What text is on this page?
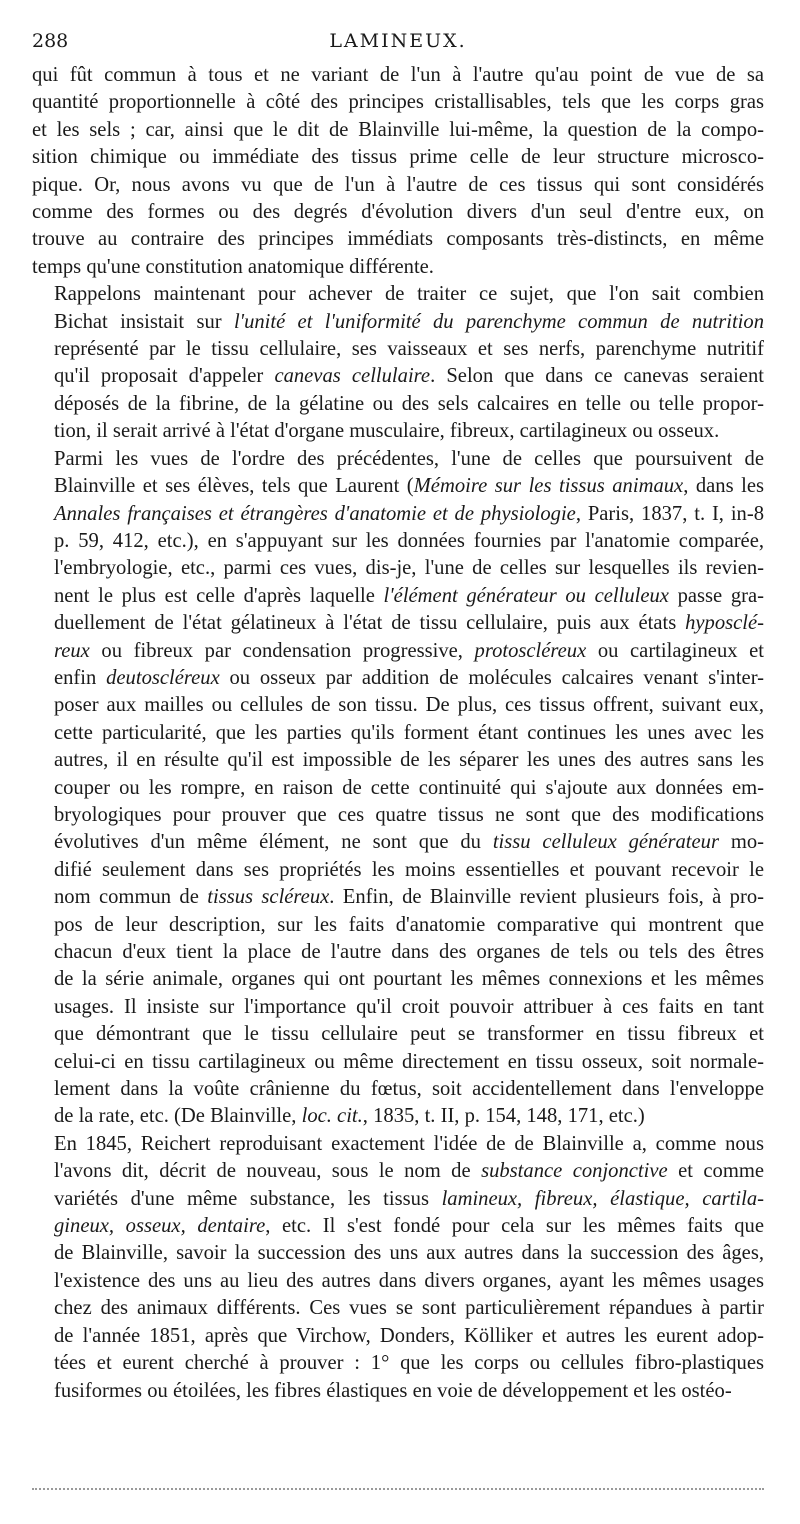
288	LAMINEUX.

qui fût commun à tous et ne variant de l'un à l'autre qu'au point de vue de sa
quantité proportionnelle à côté des principes cristallisables, tels que les corps gras
et les sels ; car, ainsi que le dit de Blainville lui-même, la question de la compo-
sition chimique ou immédiate des tissus prime celle de leur structure microsco-
pique. Or, nous avons vu que de l'un à l'autre de ces tissus qui sont considérés
comme des formes ou des degrés d'évolution divers d'un seul d'entre eux, on
trouve au contraire des principes immédiats composants très-distincts, en même
temps qu'une constitution anatomique différente.

Rappelons maintenant pour achever de traiter ce sujet, que l'on sait combien
Bichat insistait sur l'unité et l'uniformité du parenchyme commun de nutrition
représenté par le tissu cellulaire, ses vaisseaux et ses nerfs, parenchyme nutritif
qu'il proposait d'appeler canevas cellulaire. Selon que dans ce canevas seraient
déposés de la fibrine, de la gélatine ou des sels calcaires en telle ou telle propor-
tion, il serait arrivé à l'état d'organe musculaire, fibreux, cartilagineux ou osseux.

Parmi les vues de l'ordre des précédentes, l'une de celles que poursuivent de
Blainville et ses élèves, tels que Laurent (Mémoire sur les tissus animaux, dans les
Annales françaises et étrangères d'anatomie et de physiologie, Paris, 1837, t. I, in-8
p. 59, 412, etc.), en s'appuyant sur les données fournies par l'anatomie comparée,
l'embryologie, etc., parmi ces vues, dis-je, l'une de celles sur lesquelles ils revien-
nent le plus est celle d'après laquelle l'élément générateur ou celluleux passe gra-
duellement de l'état gélatineux à l'état de tissu cellulaire, puis aux états hyposclé-
reux ou fibreux par condensation progressive, protoscléreux ou cartilagineux et
enfin deutoscléreux ou osseux par addition de molécules calcaires venant s'inter-
poser aux mailles ou cellules de son tissu. De plus, ces tissus offrent, suivant eux,
cette particularité, que les parties qu'ils forment étant continues les unes avec les
autres, il en résulte qu'il est impossible de les séparer les unes des autres sans les
couper ou les rompre, en raison de cette continuité qui s'ajoute aux données em-
bryologiques pour prouver que ces quatre tissus ne sont que des modifications
évolutives d'un même élément, ne sont que du tissu celluleux générateur mo-
difié seulement dans ses propriétés les moins essentielles et pouvant recevoir le
nom commun de tissus scléreux. Enfin, de Blainville revient plusieurs fois, à pro-
pos de leur description, sur les faits d'anatomie comparative qui montrent que
chacun d'eux tient la place de l'autre dans des organes de tels ou tels des êtres
de la série animale, organes qui ont pourtant les mêmes connexions et les mêmes
usages. Il insiste sur l'importance qu'il croit pouvoir attribuer à ces faits en tant
que démontrant que le tissu cellulaire peut se transformer en tissu fibreux et
celui-ci en tissu cartilagineux ou même directement en tissu osseux, soit normale-
lement dans la voûte crânienne du fœtus, soit accidentellement dans l'enveloppe
de la rate, etc. (De Blainville, loc. cit., 1835, t. II, p. 154, 148, 171, etc.)

En 1845, Reichert reproduisant exactement l'idée de de Blainville a, comme nous
l'avons dit, décrit de nouveau, sous le nom de substance conjonctive et comme
variétés d'une même substance, les tissus lamineux, fibreux, élastique, cartila-
gineux, osseux, dentaire, etc. Il s'est fondé pour cela sur les mêmes faits que
de Blainville, savoir la succession des uns aux autres dans la succession des âges,
l'existence des uns au lieu des autres dans divers organes, ayant les mêmes usages
chez des animaux différents. Ces vues se sont particulièrement répandues à partir
de l'année 1851, après que Virchow, Donders, Kölliker et autres les eurent adop-
tées et eurent cherché à prouver : 1° que les corps ou cellules fibro-plastiques
fusiformes ou étoilées, les fibres élastiques en voie de développement et les ostéo-
